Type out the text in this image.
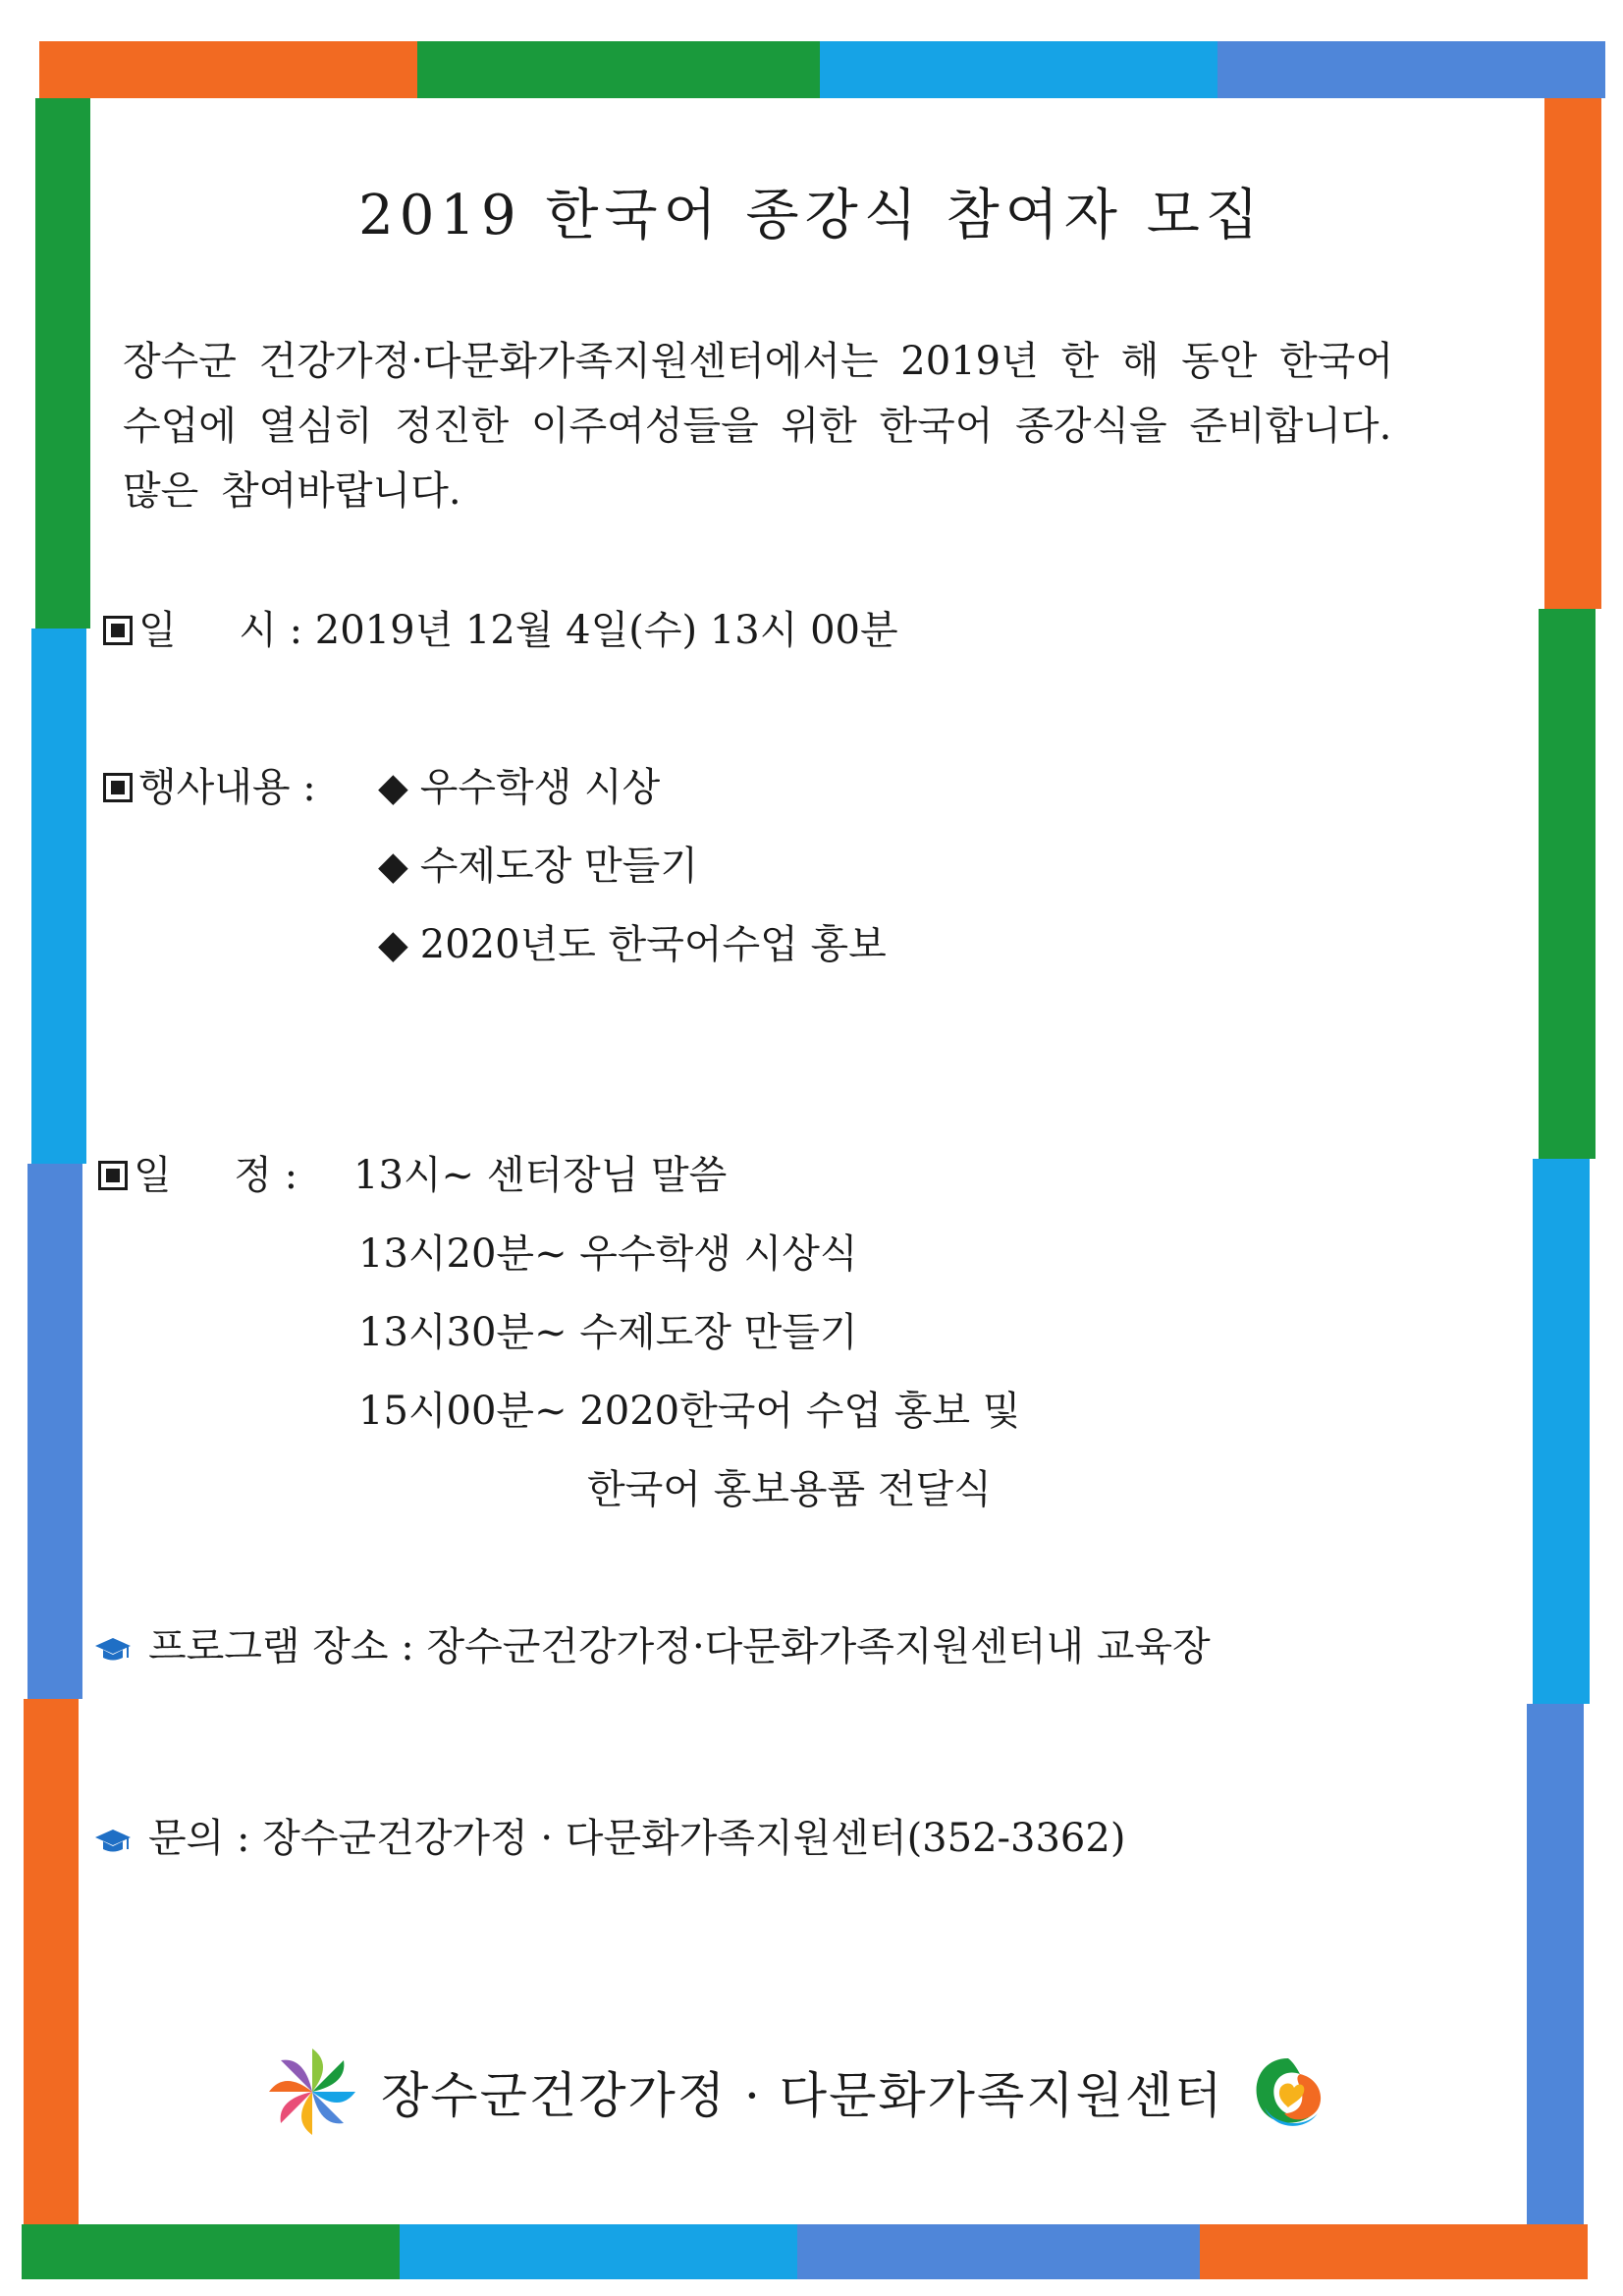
2019 한국어 종강식 참여자 모집

장수군 건강가정·다문화가족지원센터에서는 2019년 한 해 동안 한국어

수업에 열심히 정진한 이주여성들을 위한 한국어 종강식을 준비합니다.

많은 참여바랍니다.

일     시 : 2019년 12월 4일(수) 13시 00분
행사내용 : ◆ 우수학생 시상
◆ 수제도장 만들기
◆ 2020년도 한국어수업 홍보
일     정 : 13시~ 센터장님 말씀
13시20분~ 우수학생 시상식
13시30분~ 수제도장 만들기
15시00분~ 2020한국어 수업 홍보 및
한국어 홍보용품 전달식
프로그램 장소 : 장수군건강가정·다문화가족지원센터내 교육장
문의 : 장수군건강가정 · 다문화가족지원센터(352-3362)
장수군건강가정 · 다문화가족지원센터
